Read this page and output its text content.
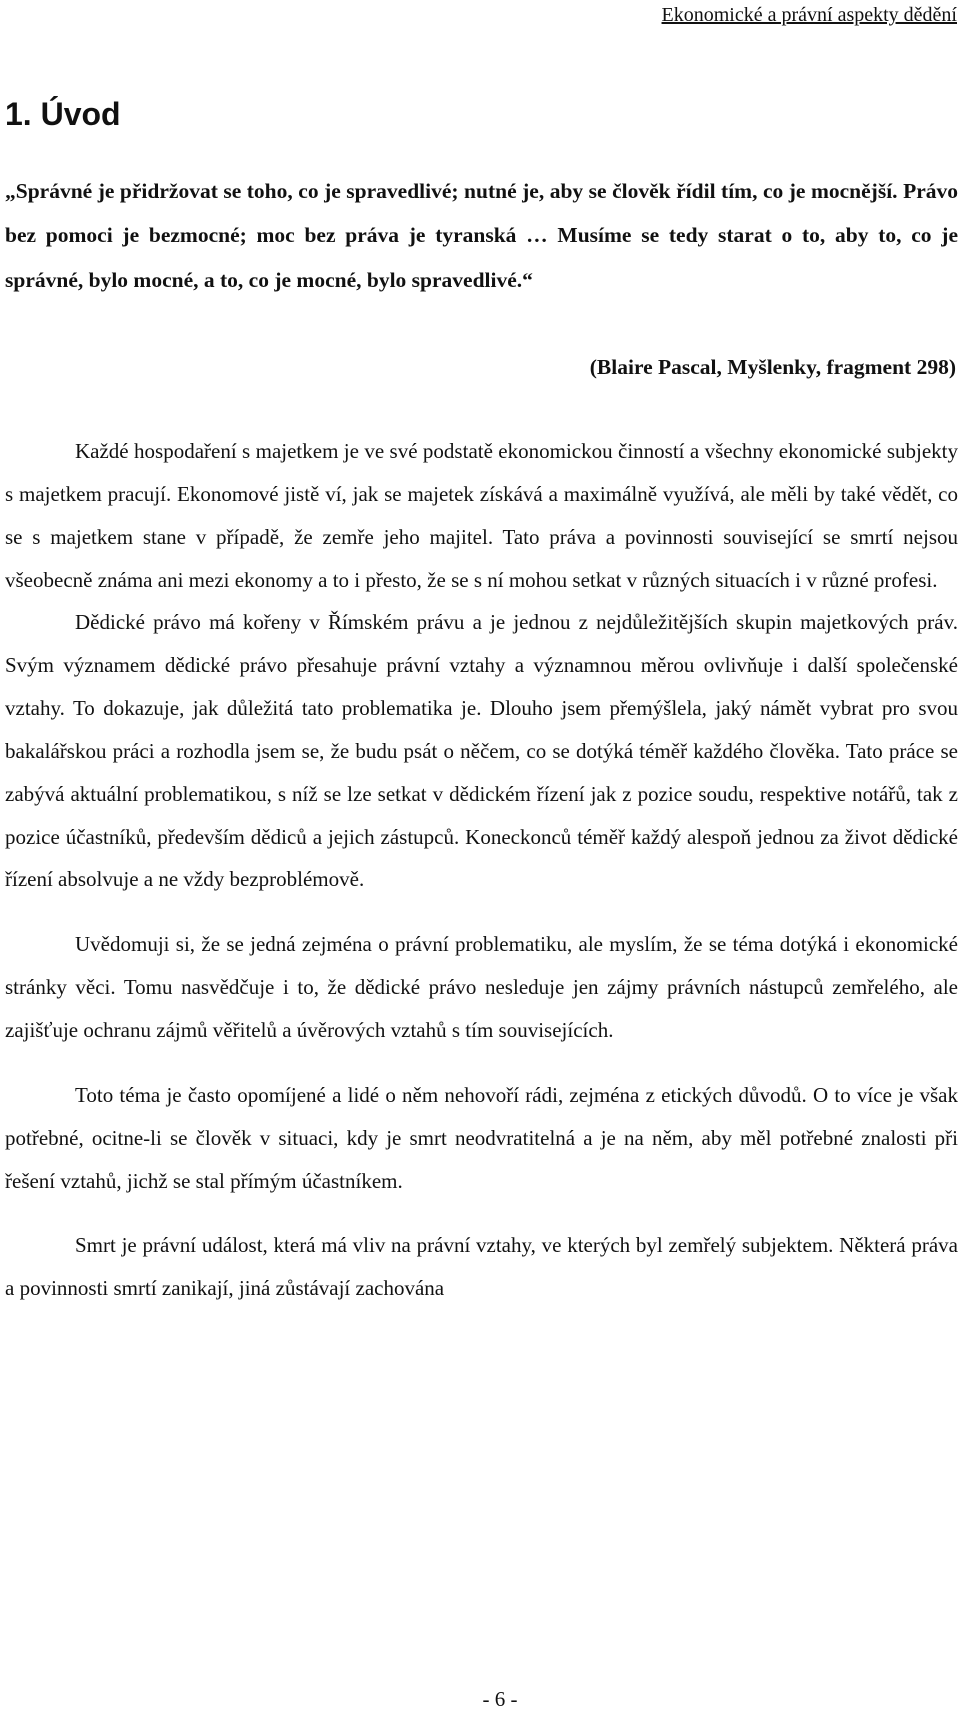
Ekonomické a právní aspekty dědění
1. Úvod

„Správné je přidržovat se toho, co je spravedlivé; nutné je, aby se člověk řídil tím, co je mocnější. Právo bez pomoci je bezmocné; moc bez práva je tyranská … Musíme se tedy starat o to, aby to, co je správné, bylo mocné, a to, co je mocné, bylo spravedlivé.“

(Blaire Pascal, Myšlenky, fragment 298)

Každé hospodaření s majetkem je ve své podstatě ekonomickou činností a všechny ekonomické subjekty s majetkem pracují. Ekonomové jistě ví, jak se majetek získává a maximálně využívá, ale měli by také vědět, co se s majetkem stane v případě, že zemře jeho majitel. Tato práva a povinnosti související se smrtí nejsou všeobecně známa ani mezi ekonomy a to i přesto, že se s ní mohou setkat v různých situacích i v různé profesi.

Dědické právo má kořeny v Římském právu a je jednou z nejdůležitějších skupin majetkových práv. Svým významem dědické právo přesahuje právní vztahy a významnou měrou ovlivňuje i další společenské vztahy. To dokazuje, jak důležitá tato problematika je. Dlouho jsem přemýšlela, jaký námět vybrat pro svou bakalářskou práci a rozhodla jsem se, že budu psát o něčem, co se dotýká téměř každého člověka. Tato práce se zabývá aktuální problematikou, s níž se lze setkat v dědickém řízení jak z pozice soudu, respektive notářů, tak z pozice účastníků, především dědiců a jejich zástupců. Koneckonců téměř každý alespoň jednou za život dědické řízení absolvuje a ne vždy bezproblémově.

Uvědomuji si, že se jedná zejména o právní problematiku, ale myslím, že se téma dotýká i ekonomické stránky věci. Tomu nasvědčuje i to, že dědické právo nesleduje jen zájmy právních nástupců zemřelého, ale zajišťuje ochranu zájmů věřitelů a úvěrových vztahů s tím souvisejících.

Toto téma je často opomíjené a lidé o něm nehovoří rádi, zejména z etických důvodů. O to více je však potřebné, ocitne-li se člověk v situaci, kdy je smrt neodvratitelná a je na něm, aby měl potřebné znalosti při řešení vztahů, jichž se stal přímým účastníkem.

Smrt je právní událost, která má vliv na právní vztahy, ve kterých byl zemřelý subjektem. Některá práva a povinnosti smrtí zanikají, jiná zůstávají zachována

- 6 -
